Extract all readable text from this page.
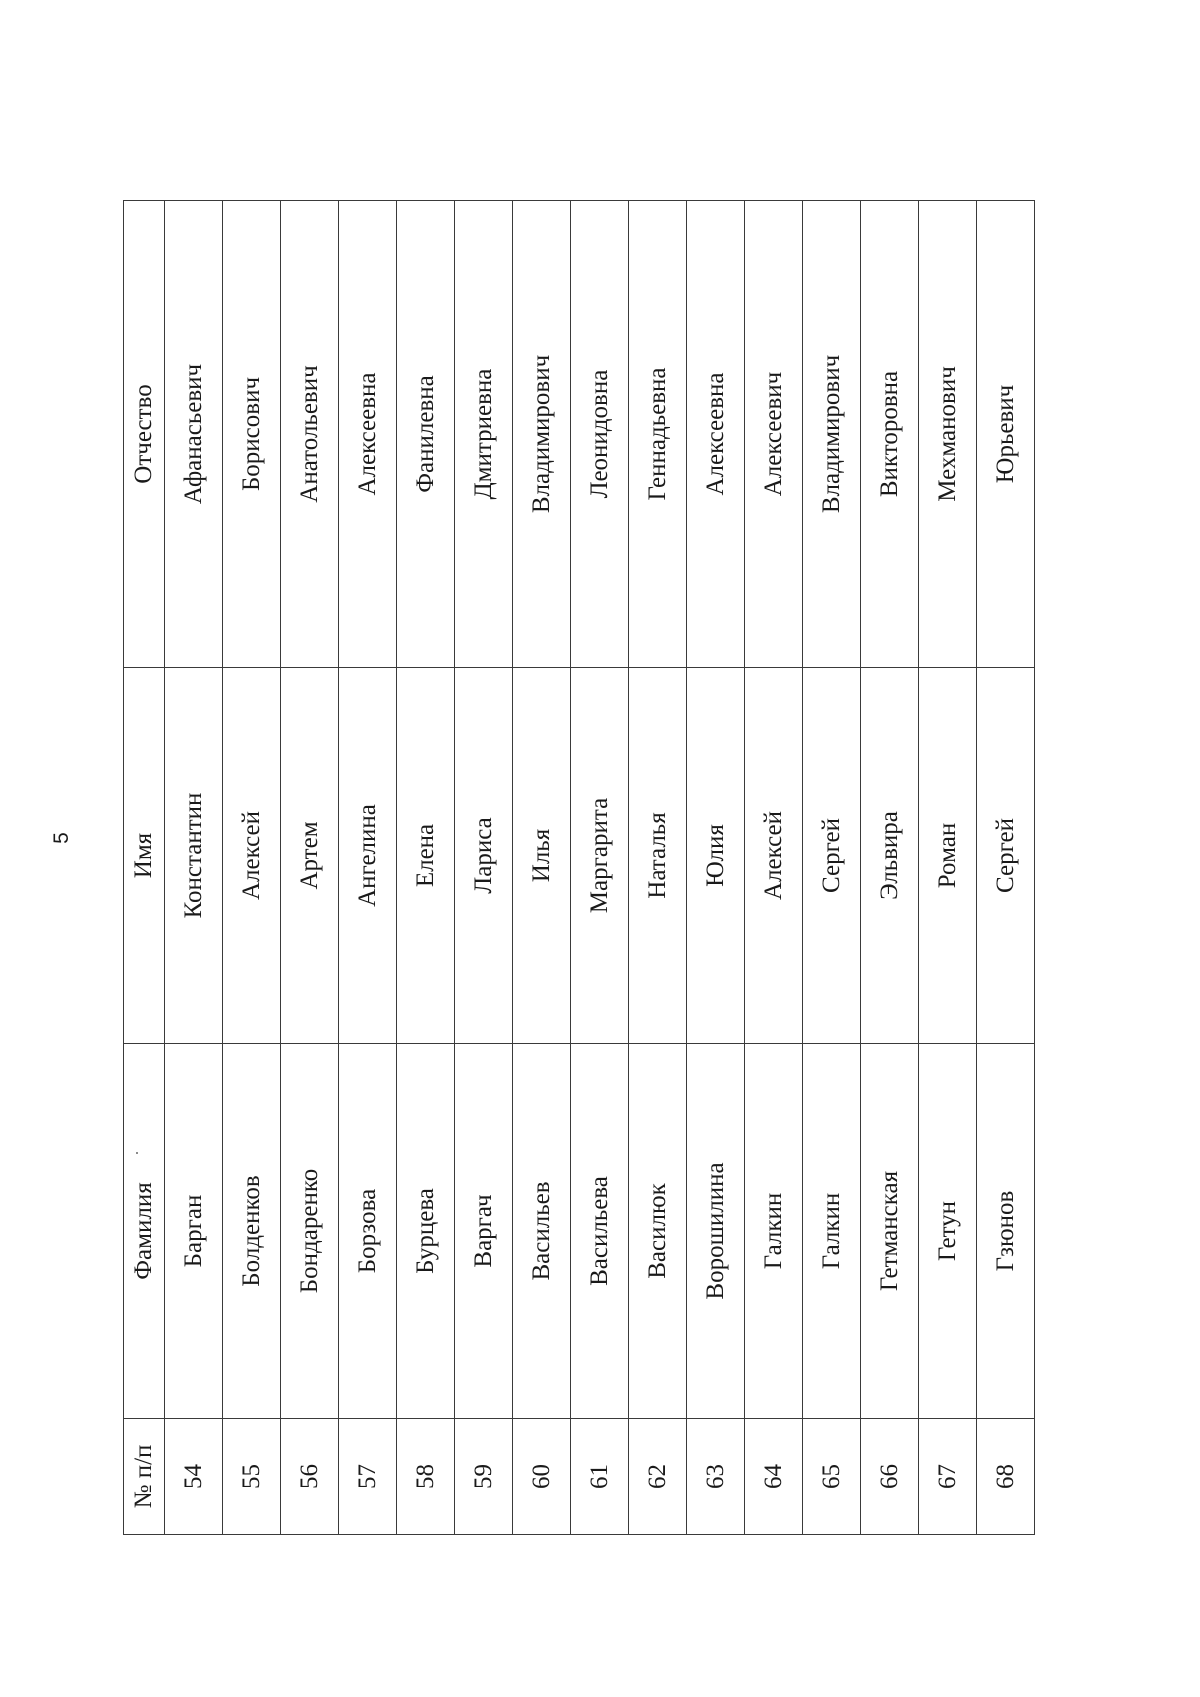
5
№ п/п	Фамилия	Имя	Отчество
54	Барган	Константин	Афанасьевич
55	Болденков	Алексей	Борисович
56	Бондаренко	Артем	Анатольевич
57	Борзова	Ангелина	Алексеевна
58	Бурцева	Елена	Фанилевна
59	Варгач	Лариса	Дмитриевна
60	Васильев	Илья	Владимирович
61	Васильева	Маргарита	Леонидовна
62	Василюк	Наталья	Геннадьевна
63	Ворошилина	Юлия	Алексеевна
64	Галкин	Алексей	Алексеевич
65	Галкин	Сергей	Владимирович
66	Гетманская	Эльвира	Викторовна
67	Гетун	Роман	Мехманович
68	Гзюнов	Сергей	Юрьевич
